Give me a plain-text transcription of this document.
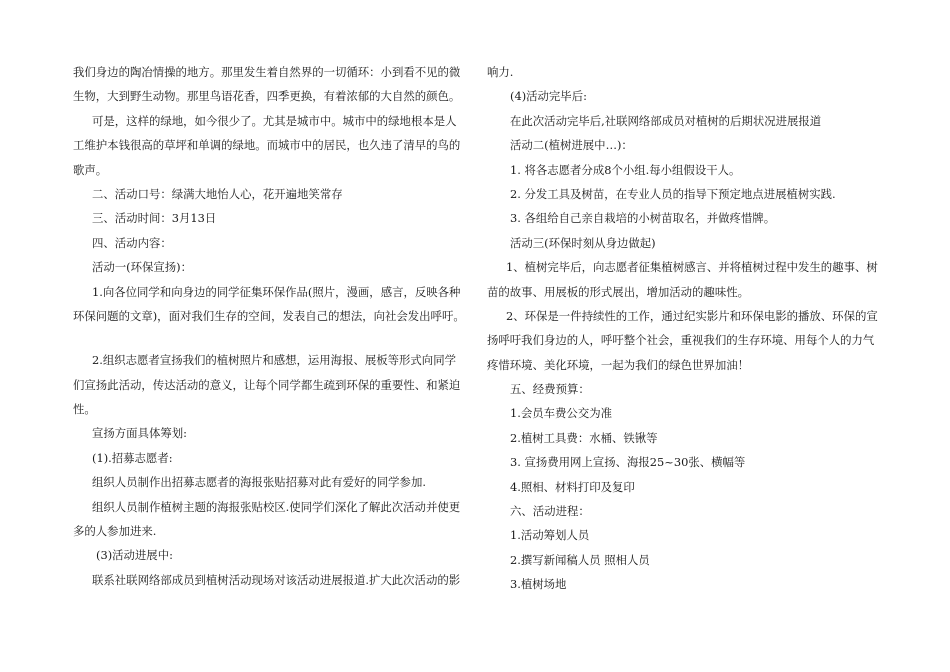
我们身边的陶冶情操的地方。那里发生着自然界的一切循环：小到看不见的微
生物，大到野生动物。那里鸟语花香，四季更换，有着浓郁的大自然的颜色。
可是，这样的绿地，如今很少了。尤其是城市中。城市中的绿地根本是人
工维护本钱很高的草坪和单调的绿地。而城市中的居民，也久违了清早的鸟的
歌声。
二、活动口号：绿满大地怡人心，花开遍地笑常存
三、活动时间：3月13日
四、活动内容：
活动一(环保宣扬)：
1.向各位同学和向身边的同学征集环保作品(照片，漫画，感言，反映各种
环保问题的文章)，面对我们生存的空间，发表自己的想法，向社会发出呼吁。
2.组织志愿者宣扬我们的植树照片和感想，运用海报、展板等形式向同学
们宣扬此活动，传达活动的意义，让每个同学都生疏到环保的重要性、和紧迫
性。
宣扬方面具体筹划:
(1).招募志愿者:
组织人员制作出招募志愿者的海报张贴招募对此有爱好的同学参加.
组织人员制作植树主题的海报张贴校区.使同学们深化了解此次活动并使更
多的人参加进来.
(3)活动进展中:
联系社联网络部成员到植树活动现场对该活动进展报道.扩大此次活动的影
响力.
(4)活动完毕后:
在此次活动完毕后,社联网络部成员对植树的后期状况进展报道
活动二(植树进展中…)：
1. 将各志愿者分成8个小组.每小组假设干人。
2. 分发工具及树苗，在专业人员的指导下预定地点进展植树实践.
3. 各组给自己亲自栽培的小树苗取名，并做疼惜牌。
活动三(环保时刻从身边做起)
1、植树完毕后，向志愿者征集植树感言、并将植树过程中发生的趣事、树
苗的故事、用展板的形式展出，增加活动的趣味性。
2、环保是一件持续性的工作，通过纪实影片和环保电影的播放、环保的宣
扬呼吁我们身边的人，呼吁整个社会，重视我们的生存环境、用每个人的力气
疼惜环境、美化环境，一起为我们的绿色世界加油！
五、经费预算：
1.会员车费公交为准
2.植树工具费：水桶、铁锹等
3. 宣扬费用网上宣扬、海报25~30张、横幅等
4.照相、材料打印及复印
六、活动进程：
1.活动筹划人员
2.撰写新闻稿人员 照相人员
3.植树场地
